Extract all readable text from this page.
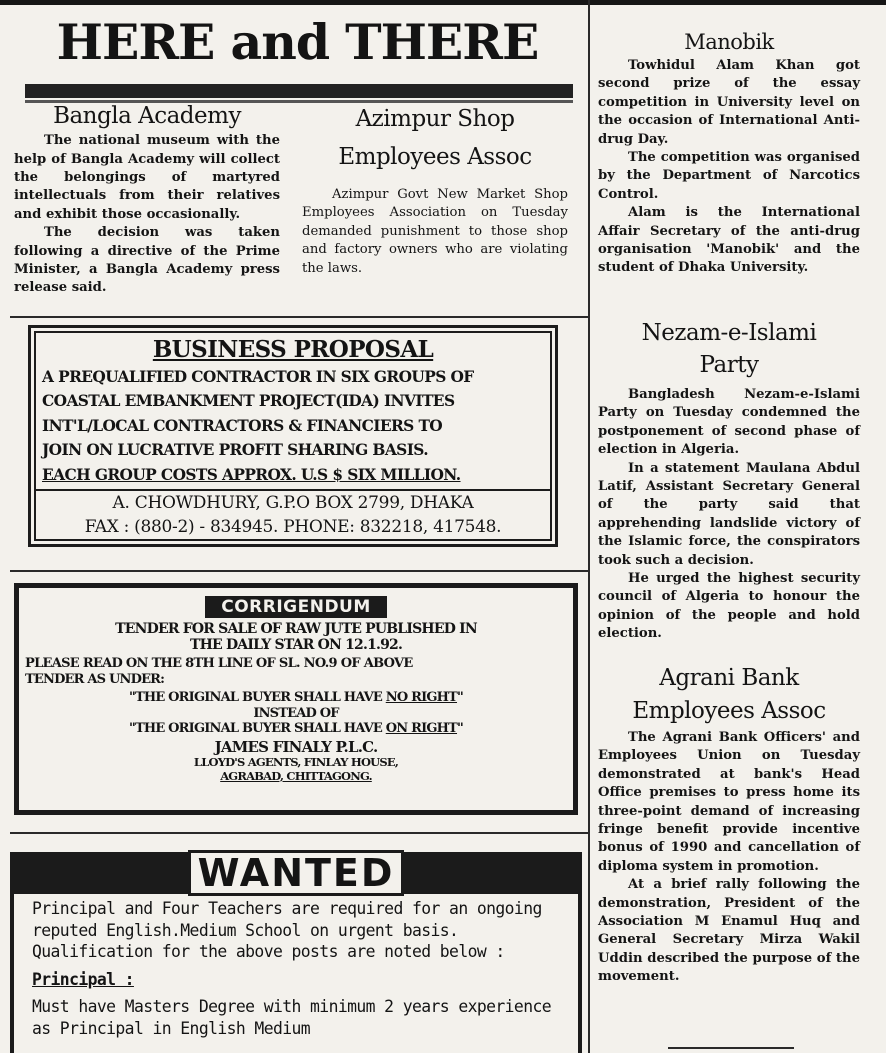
HERE and THERE
Bangla Academy

The national museum with the help of Bangla Academy will collect the belongings of martyred intellectuals from their relatives and exhibit those occasionally.

The decision was taken following a directive of the Prime Minister, a Bangla Academy press release said.

Azimpur Shop
Employees Assoc

Azimpur Govt New Market Shop Employees Association on Tuesday demanded punishment to those shop and factory owners who are violating the laws.

BUSINESS PROPOSAL
A PREQUALIFIED CONTRACTOR IN SIX GROUPS OF
COASTAL EMBANKMENT PROJECT(IDA) INVITES
INT'L/LOCAL CONTRACTORS & FINANCIERS TO
JOIN ON LUCRATIVE PROFIT SHARING BASIS.
EACH GROUP COSTS APPROX. U.S $ SIX MILLION.
A. CHOWDHURY, G.P.O BOX 2799, DHAKA
FAX : (880-2) - 834945. PHONE: 832218, 417548.
CORRIGENDUM
TENDER FOR SALE OF RAW JUTE PUBLISHED IN
THE DAILY STAR ON 12.1.92.
PLEASE READ ON THE 8TH LINE OF SL. NO.9 OF ABOVE
TENDER AS UNDER:
"THE ORIGINAL BUYER SHALL HAVE NO RIGHT"
INSTEAD OF
"THE ORIGINAL BUYER SHALL HAVE ON RIGHT"
JAMES FINALY P.L.C.
LLOYD'S AGENTS, FINLAY HOUSE,
AGRABAD, CHITTAGONG.
WANTED
Principal and Four Teachers are required for an ongoing reputed English.Medium School on urgent basis. Qualification for the above posts are noted below :
Principal :
Must have Masters Degree with minimum 2 years experience as Principal in English Medium
Manobik

Towhidul Alam Khan got second prize of the essay competition in University level on the occasion of International Anti-drug Day.

The competition was organised by the Department of Narcotics Control.

Alam is the International Affair Secretary of the anti-drug organisation 'Manobik' and the student of Dhaka University.

Nezam-e-Islami
Party

Bangladesh Nezam-e-Islami Party on Tuesday condemned the postponement of second phase of election in Algeria.

In a statement Maulana Abdul Latif, Assistant Secretary General of the party said that apprehending landslide victory of the Islamic force, the conspirators took such a decision.

He urged the highest security council of Algeria to honour the opinion of the people and hold election.

Agrani Bank
Employees Assoc

The Agrani Bank Officers' and Employees Union on Tuesday demonstrated at bank's Head Office premises to press home its three-point demand of increasing fringe benefit provide incentive bonus of 1990 and cancellation of diploma system in promotion.

At a brief rally following the demonstration, President of the Association M Enamul Huq and General Secretary Mirza Wakil Uddin described the purpose of the movement.
